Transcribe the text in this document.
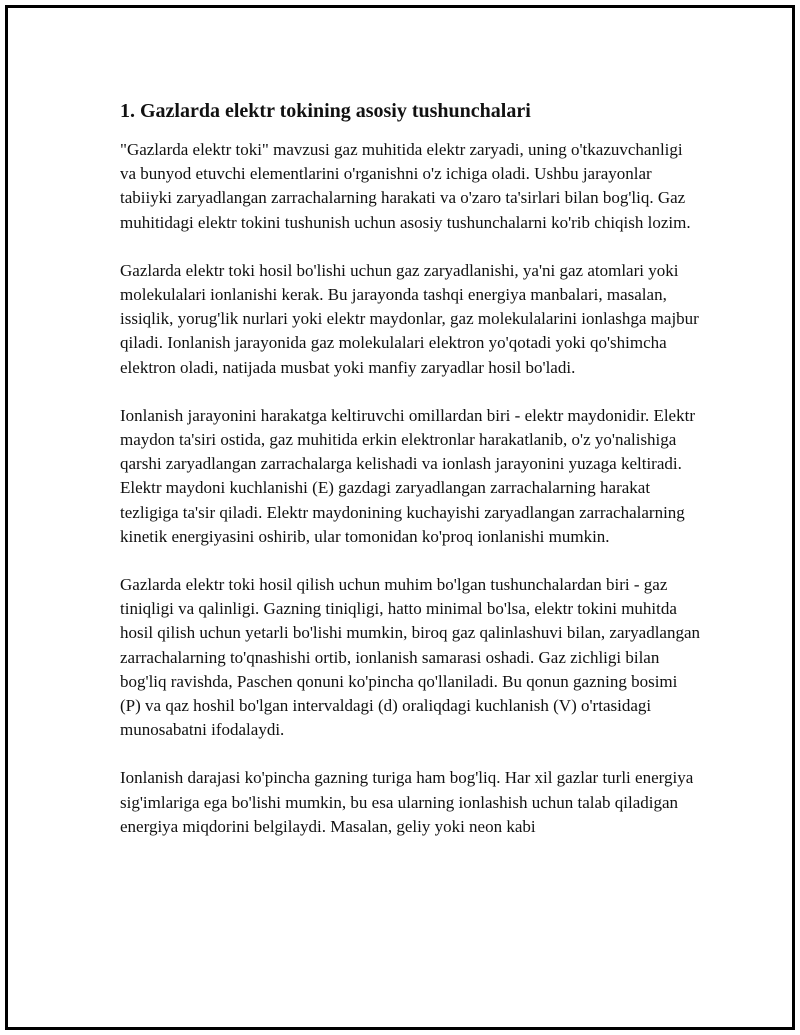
1. Gazlarda elektr tokining asosiy tushunchalari

"Gazlarda elektr toki" mavzusi gaz muhitida elektr zaryadi, uning o'tkazuvchanligi va bunyod etuvchi elementlarini o'rganishni o'z ichiga oladi. Ushbu jarayonlar tabiiyki zaryadlangan zarrachalarning harakati va o'zaro ta'sirlari bilan bog'liq. Gaz muhitidagi elektr tokini tushunish uchun asosiy tushunchalarni ko'rib chiqish lozim.

Gazlarda elektr toki hosil bo'lishi uchun gaz zaryadlanishi, ya'ni gaz atomlari yoki molekulalari ionlanishi kerak. Bu jarayonda tashqi energiya manbalari, masalan, issiqlik, yorug'lik nurlari yoki elektr maydonlar, gaz molekulalarini ionlashga majbur qiladi. Ionlanish jarayonida gaz molekulalari elektron yo'qotadi yoki qo'shimcha elektron oladi, natijada musbat yoki manfiy zaryadlar hosil bo'ladi.

Ionlanish jarayonini harakatga keltiruvchi omillardan biri - elektr maydonidir. Elektr maydon ta'siri ostida, gaz muhitida erkin elektronlar harakatlanib, o'z yo'nalishiga qarshi zaryadlangan zarrachalarga kelishadi va ionlash jarayonini yuzaga keltiradi. Elektr maydoni kuchlanishi (E) gazdagi zaryadlangan zarrachalarning harakat tezligiga ta'sir qiladi. Elektr maydonining kuchayishi zaryadlangan zarrachalarning kinetik energiyasini oshirib, ular tomonidan ko'proq ionlanishi mumkin.

Gazlarda elektr toki hosil qilish uchun muhim bo'lgan tushunchalardan biri - gaz tiniqligi va qalinligi. Gazning tiniqligi, hatto minimal bo'lsa, elektr tokini muhitda hosil qilish uchun yetarli bo'lishi mumkin, biroq gaz qalinlashuvi bilan, zaryadlangan zarrachalarning to'qnashishi ortib, ionlanish samarasi oshadi. Gaz zichligi bilan bog'liq ravishda, Paschen qonuni ko'pincha qo'llaniladi. Bu qonun gazning bosimi (P) va qaz hoshil bo'lgan intervaldagi (d) oraliqdagi kuchlanish (V) o'rtasidagi munosabatni ifodalaydi.

Ionlanish darajasi ko'pincha gazning turiga ham bog'liq. Har xil gazlar turli energiya sig'imlariga ega bo'lishi mumkin, bu esa ularning ionlashish uchun talab qiladigan energiya miqdorini belgilaydi. Masalan, geliy yoki neon kabi
